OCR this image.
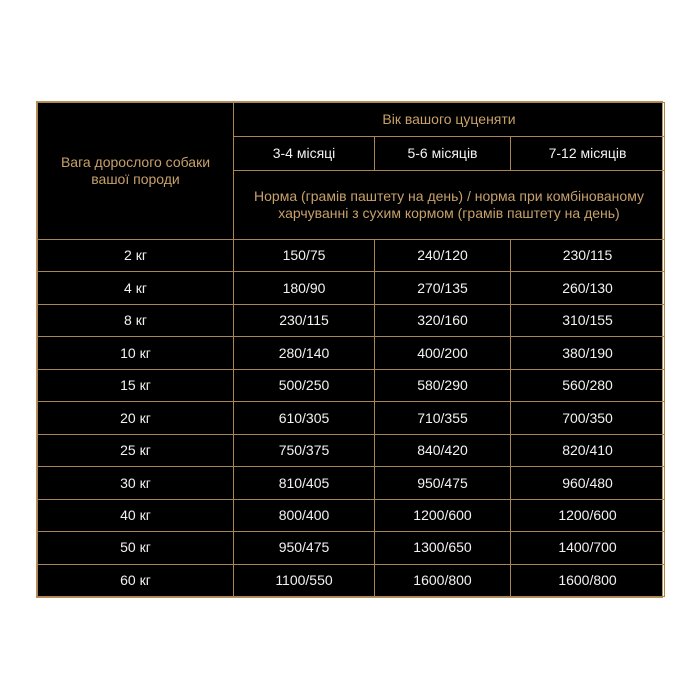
Вага дорослого собаки вашої породи	Вік вашого цуценяти		
	3-4 місяці	5-6 місяців	7-12 місяців
	Норма (грамів паштету на день) / норма при комбінованому харчуванні з сухим кормом (грамів паштету на день)		
2 кг	150/75	240/120	230/115
4 кг	180/90	270/135	260/130
8 кг	230/115	320/160	310/155
10 кг	280/140	400/200	380/190
15 кг	500/250	580/290	560/280
20 кг	610/305	710/355	700/350
25 кг	750/375	840/420	820/410
30 кг	810/405	950/475	960/480
40 кг	800/400	1200/600	1200/600
50 кг	950/475	1300/650	1400/700
60 кг	1100/550	1600/800	1600/800
